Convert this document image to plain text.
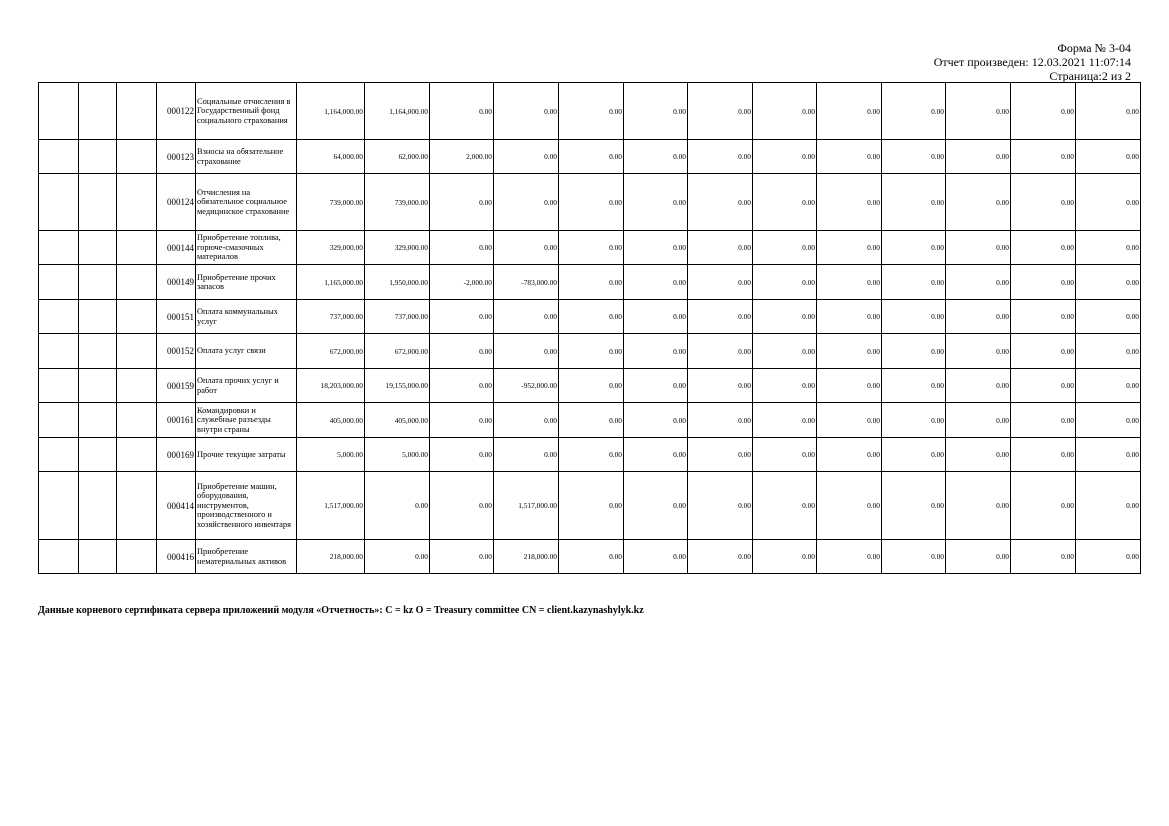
Форма № 3-04
Отчет произведен: 12.03.2021 11:07:14
Страница:2 из 2
			000122	Социальные отчисления в Государственный фонд социального страхования	1,164,000.00	1,164,000.00	0.00	0.00	0.00	0.00	0.00	0.00	0.00	0.00	0.00	0.00	0.00
			000123	Взносы на обязательное страхование	64,000.00	62,000.00	2,000.00	0.00	0.00	0.00	0.00	0.00	0.00	0.00	0.00	0.00	0.00
			000124	Отчисления на обязательное социальное медицинское страхование	739,000.00	739,000.00	0.00	0.00	0.00	0.00	0.00	0.00	0.00	0.00	0.00	0.00	0.00
			000144	Приобретение топлива, горюче-смазочных материалов	329,000.00	329,000.00	0.00	0.00	0.00	0.00	0.00	0.00	0.00	0.00	0.00	0.00	0.00
			000149	Приобретение прочих запасов	1,165,000.00	1,950,000.00	-2,000.00	-783,000.00	0.00	0.00	0.00	0.00	0.00	0.00	0.00	0.00	0.00
			000151	Оплата коммунальных услуг	737,000.00	737,000.00	0.00	0.00	0.00	0.00	0.00	0.00	0.00	0.00	0.00	0.00	0.00
			000152	Оплата услуг связи	672,000.00	672,000.00	0.00	0.00	0.00	0.00	0.00	0.00	0.00	0.00	0.00	0.00	0.00
			000159	Оплата прочих услуг и работ	18,203,000.00	19,155,000.00	0.00	-952,000.00	0.00	0.00	0.00	0.00	0.00	0.00	0.00	0.00	0.00
			000161	Командировки и служебные разъезды внутри страны	405,000.00	405,000.00	0.00	0.00	0.00	0.00	0.00	0.00	0.00	0.00	0.00	0.00	0.00
			000169	Прочие текущие затраты	5,000.00	5,000.00	0.00	0.00	0.00	0.00	0.00	0.00	0.00	0.00	0.00	0.00	0.00
			000414	Приобретение машин, оборудования, инструментов, производственного и хозяйственного инвентаря	1,517,000.00	0.00	0.00	1,517,000.00	0.00	0.00	0.00	0.00	0.00	0.00	0.00	0.00	0.00
			000416	Приобретение нематериальных активов	218,000.00	0.00	0.00	218,000.00	0.00	0.00	0.00	0.00	0.00	0.00	0.00	0.00	0.00
Данные корневого сертификата сервера приложений модуля «Отчетность»: C = kz O = Treasury committee CN = client.kazynashylyk.kz
